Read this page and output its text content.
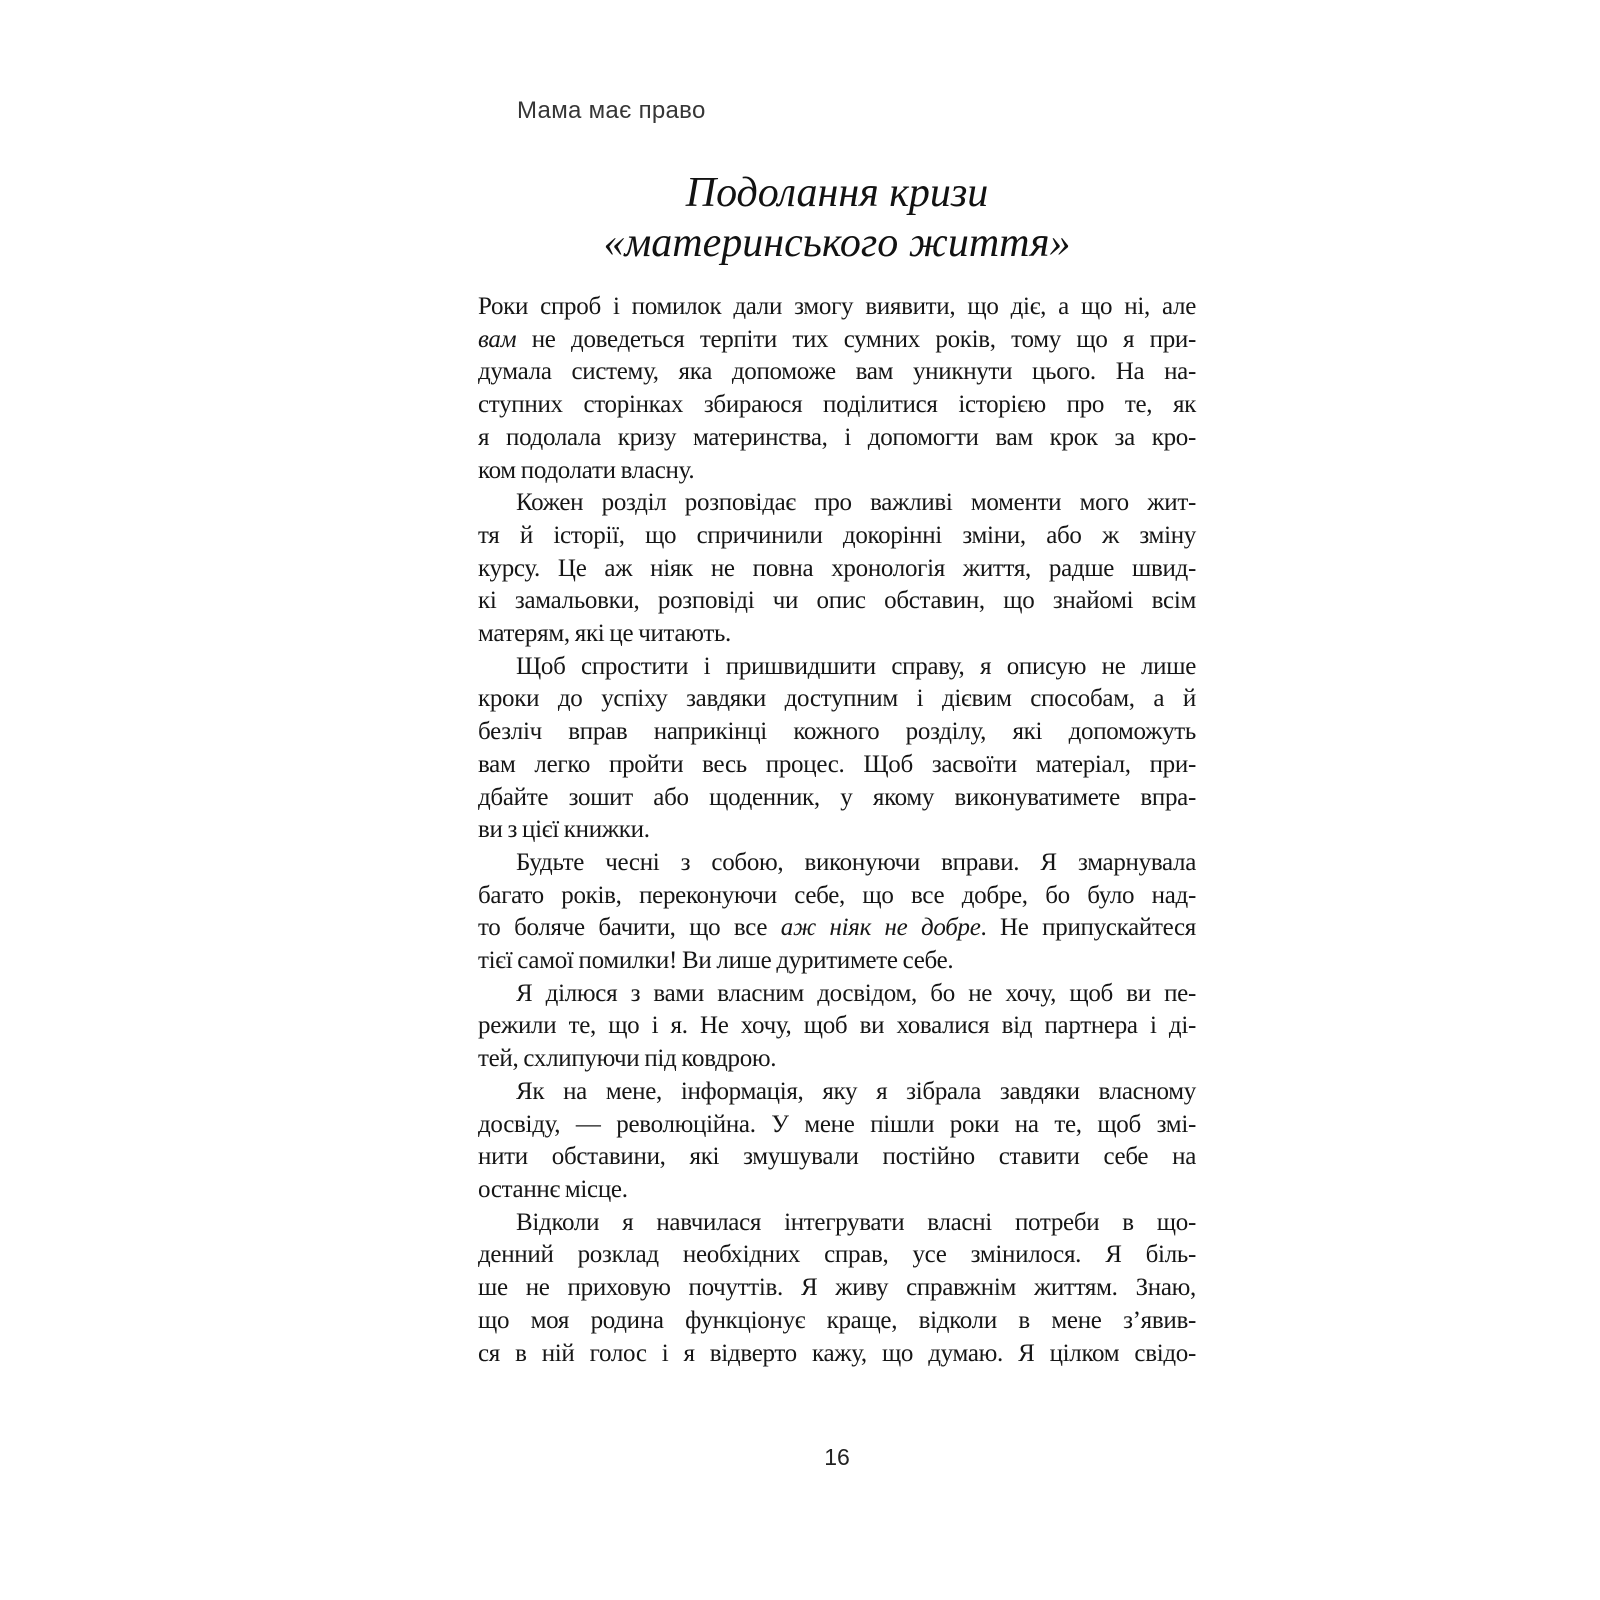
Мама має право
Подолання кризи
«материнського життя»
Роки спроб і помилок дали змогу виявити, що діє, а що ні, але
вам не доведеться терпіти тих сумних років, тому що я при-
думала систему, яка допоможе вам уникнути цього. На на-
ступних сторінках збираюся поділитися історією про те, як
я подолала кризу материнства, і допомогти вам крок за кро-
ком подолати власну.
Кожен розділ розповідає про важливі моменти мого жит-
тя й історії, що спричинили докорінні зміни, або ж зміну
курсу. Це аж ніяк не повна хронологія життя, радше швид-
кі замальовки, розповіді чи опис обставин, що знайомі всім
матерям, які це читають.
Щоб спростити і пришвидшити справу, я описую не лише
кроки до успіху завдяки доступним і дієвим способам, а й
безліч вправ наприкінці кожного розділу, які допоможуть
вам легко пройти весь процес. Щоб засвоїти матеріал, при-
дбайте зошит або щоденник, у якому виконуватимете впра-
ви з цієї книжки.
Будьте чесні з собою, виконуючи вправи. Я змарнувала
багато років, переконуючи себе, що все добре, бо було над-
то боляче бачити, що все аж ніяк не добре. Не припускайтеся
тієї самої помилки! Ви лише дуритимете себе.
Я ділюся з вами власним досвідом, бо не хочу, щоб ви пе-
режили те, що і я. Не хочу, щоб ви ховалися від партнера і ді-
тей, схлипуючи під ковдрою.
Як на мене, інформація, яку я зібрала завдяки власному
досвіду, — революційна. У мене пішли роки на те, щоб змі-
нити обставини, які змушували постійно ставити себе на
останнє місце.
Відколи я навчилася інтегрувати власні потреби в що-
денний розклад необхідних справ, усе змінилося. Я біль-
ше не приховую почуттів. Я живу справжнім життям. Знаю,
що моя родина функціонує краще, відколи в мене з’явив-
ся в ній голос і я відверто кажу, що думаю. Я цілком свідо-
16
